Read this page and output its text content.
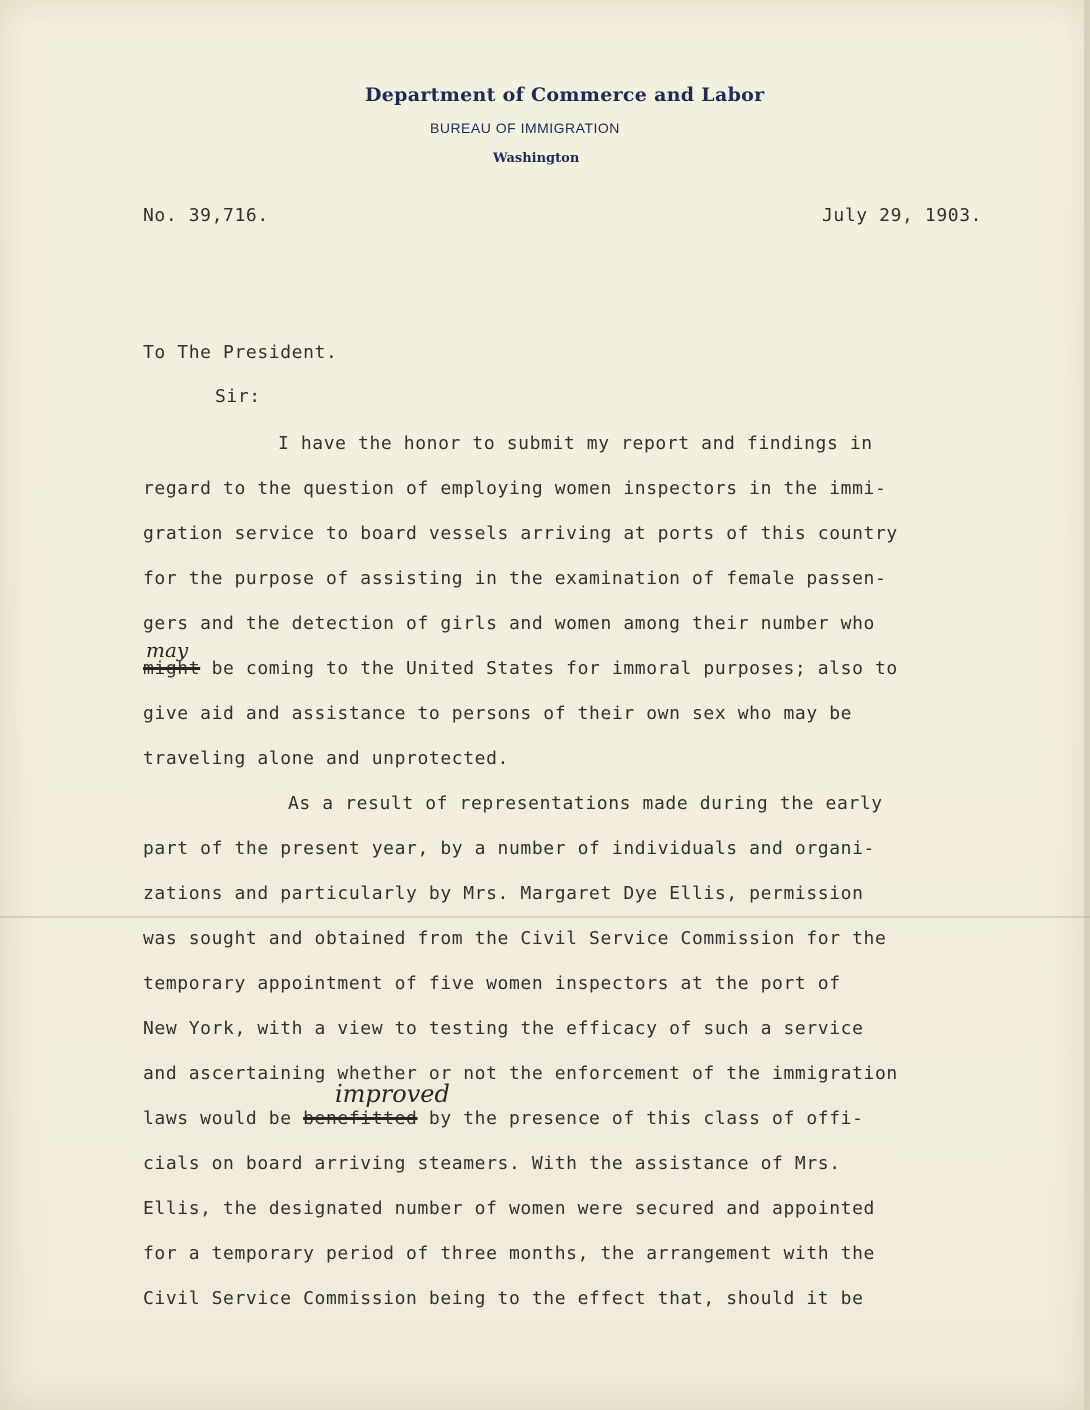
Department of Commerce and Labor
BUREAU OF IMMIGRATION
Washington
No. 39,716.	July 29, 1903.
To The President.
Sir:
I have the honor to submit my report and findings in
regard to the question of employing women inspectors in the immi-
gration service to board vessels arriving at ports of this country
for the purpose of assisting in the examination of female passen-
gers and the detection of girls and women among their number who
may
might be coming to the United States for immoral purposes; also to
give aid and assistance to persons of their own sex who may be
traveling alone and unprotected.
As a result of representations made during the early
part of the present year, by a number of individuals and organi-
zations and particularly by Mrs. Margaret Dye Ellis, permission
was sought and obtained from the Civil Service Commission for the
temporary appointment of five women inspectors at the port of
New York, with a view to testing the efficacy of such a service
and ascertaining whether or not the enforcement of the immigration
improved
laws would be benefitted by the presence of this class of offi-
cials on board arriving steamers. With the assistance of Mrs.
Ellis, the designated number of women were secured and appointed
for a temporary period of three months, the arrangement with the
Civil Service Commission being to the effect that, should it be
